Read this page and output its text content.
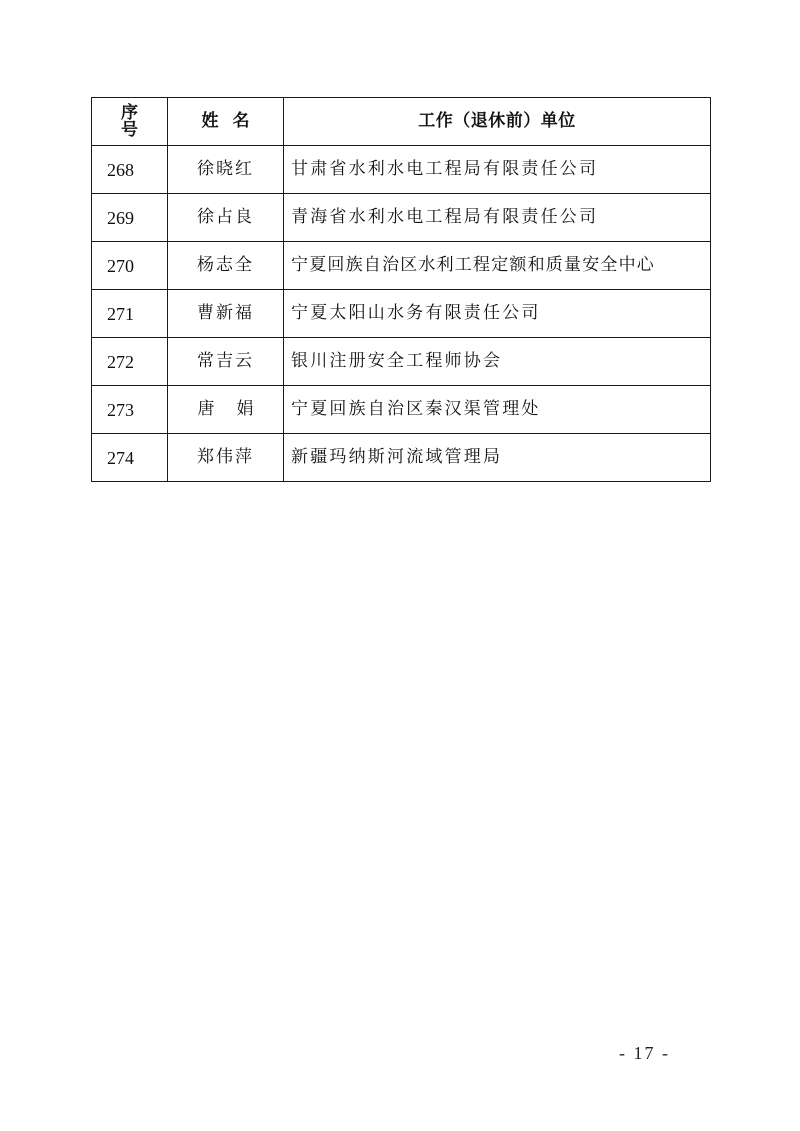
序号	姓名	工作（退休前）单位
268	徐晓红	甘肃省水利水电工程局有限责任公司
269	徐占良	青海省水利水电工程局有限责任公司
270	杨志全	宁夏回族自治区水利工程定额和质量安全中心
271	曹新福	宁夏太阳山水务有限责任公司
272	常吉云	银川注册安全工程师协会
273	唐娟	宁夏回族自治区秦汉渠管理处
274	郑伟萍	新疆玛纳斯河流域管理局
- 17 -
